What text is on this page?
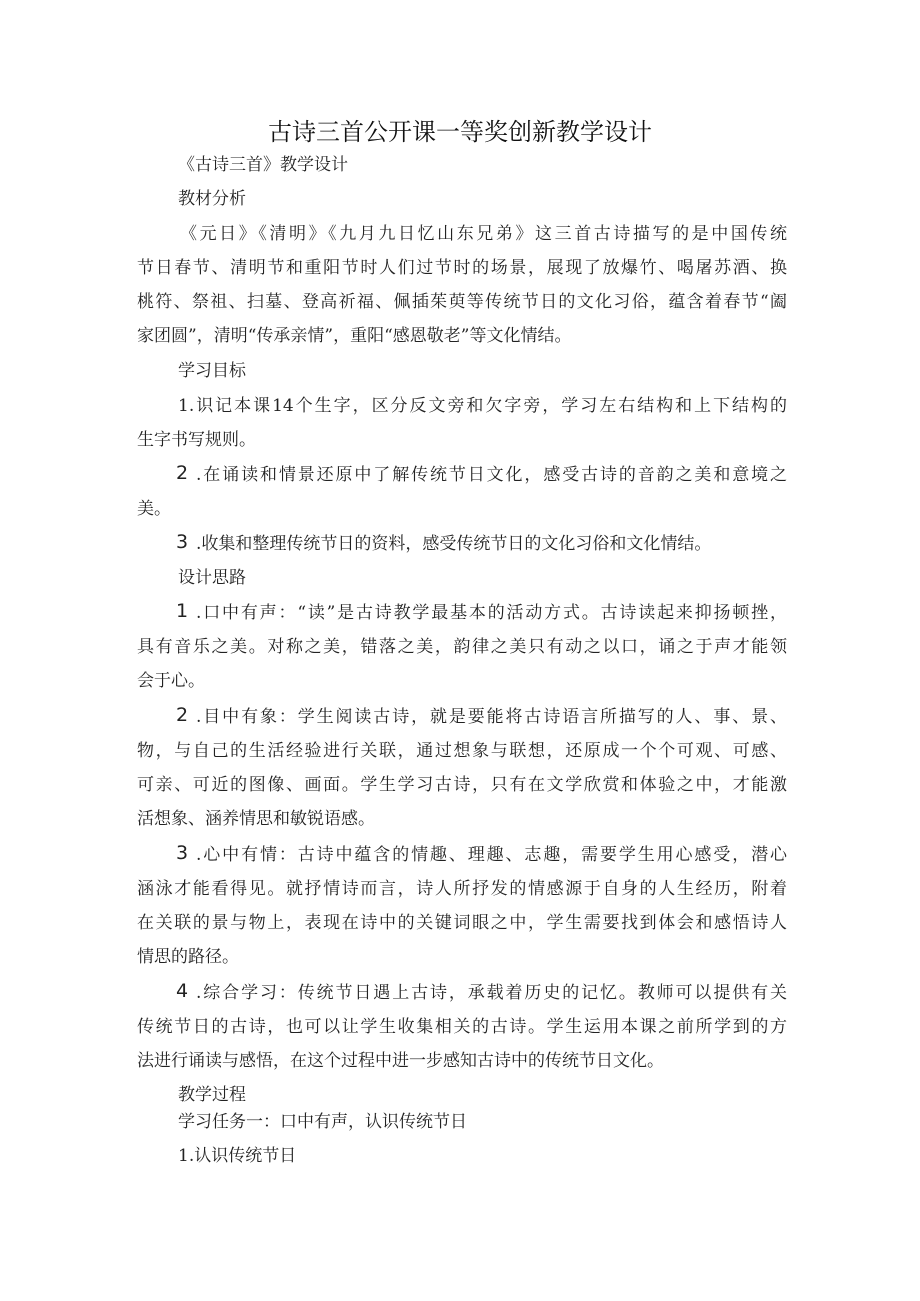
古诗三首公开课一等奖创新教学设计
《古诗三首》教学设计
教材分析
《元日》《清明》《九月九日忆山东兄弟》这三首古诗描写的是中国传统
节日春节、清明节和重阳节时人们过节时的场景，展现了放爆竹、喝屠苏酒、换
桃符、祭祖、扫墓、登高祈福、佩插茱萸等传统节日的文化习俗，蕴含着春节“阖
家团圆”，清明“传承亲情”，重阳“感恩敬老”等文化情结。
学习目标
1.识记本课14个生字，区分反文旁和欠字旁，学习左右结构和上下结构的
生字书写规则。
2 .在诵读和情景还原中了解传统节日文化，感受古诗的音韵之美和意境之
美。
3 .收集和整理传统节日的资料，感受传统节日的文化习俗和文化情结。
设计思路
1 .口中有声：“读”是古诗教学最基本的活动方式。古诗读起来抑扬顿挫，
具有音乐之美。对称之美，错落之美，韵律之美只有动之以口，诵之于声才能领
会于心。
2 .目中有象：学生阅读古诗，就是要能将古诗语言所描写的人、事、景、
物，与自己的生活经验进行关联，通过想象与联想，还原成一个个可观、可感、
可亲、可近的图像、画面。学生学习古诗，只有在文学欣赏和体验之中，才能激
活想象、涵养情思和敏锐语感。
3 .心中有情：古诗中蕴含的情趣、理趣、志趣，需要学生用心感受，潜心
涵泳才能看得见。就抒情诗而言，诗人所抒发的情感源于自身的人生经历，附着
在关联的景与物上，表现在诗中的关键词眼之中，学生需要找到体会和感悟诗人
情思的路径。
4 .综合学习：传统节日遇上古诗，承载着历史的记忆。教师可以提供有关
传统节日的古诗，也可以让学生收集相关的古诗。学生运用本课之前所学到的方
法进行诵读与感悟，在这个过程中进一步感知古诗中的传统节日文化。
教学过程
学习任务一：口中有声，认识传统节日
1.认识传统节日
